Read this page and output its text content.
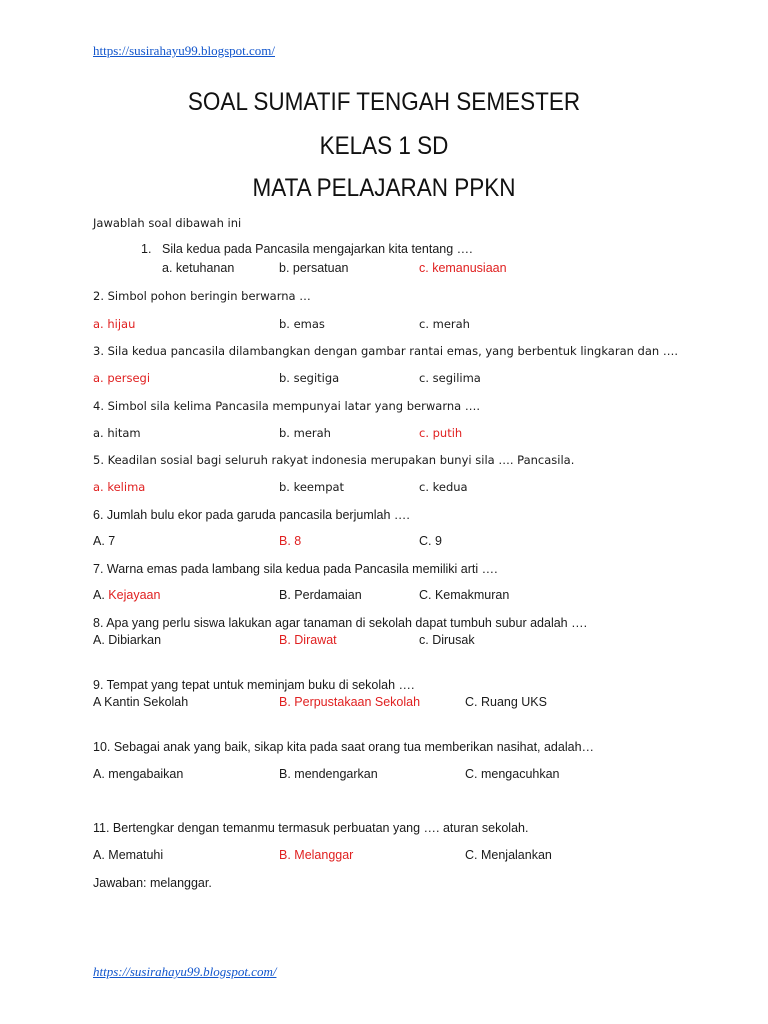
https://susirahayu99.blogspot.com/
SOAL SUMATIF TENGAH SEMESTER
KELAS 1 SD
MATA PELAJARAN PPKN
Jawablah soal dibawah ini
1. Sila kedua pada Pancasila mengajarkan kita tentang ….
a. ketuhanan	b. persatuan	c. kemanusiaan
2. Simbol pohon beringin berwarna …
a. hijau	b. emas	c. merah
3. Sila kedua pancasila dilambangkan dengan gambar rantai emas, yang berbentuk lingkaran dan ….
a. persegi	b. segitiga	c. segilima
4. Simbol sila kelima Pancasila mempunyai latar yang berwarna ….
a. hitam	b. merah	c. putih
5. Keadilan sosial bagi seluruh rakyat indonesia merupakan bunyi sila …. Pancasila.
a. kelima	b. keempat	c. kedua
6. Jumlah bulu ekor pada garuda pancasila berjumlah ….
A. 7	B. 8	C. 9
7. Warna emas pada lambang sila kedua pada Pancasila memiliki arti ….
A. Kejayaan	B. Perdamaian	C. Kemakmuran
8. Apa yang perlu siswa lakukan agar tanaman di sekolah dapat tumbuh subur adalah ….
A. Dibiarkan	B. Dirawat	c. Dirusak
9. Tempat yang tepat untuk meminjam buku di sekolah ….
A Kantin Sekolah	B. Perpustakaan Sekolah	C. Ruang UKS
10. Sebagai anak yang baik, sikap kita pada saat orang tua memberikan nasihat, adalah…
A. mengabaikan	B. mendengarkan	C. mengacuhkan
11. Bertengkar dengan temanmu termasuk perbuatan yang …. aturan sekolah.
A. Mematuhi	B. Melanggar	C. Menjalankan
Jawaban: melanggar.
https://susirahayu99.blogspot.com/
